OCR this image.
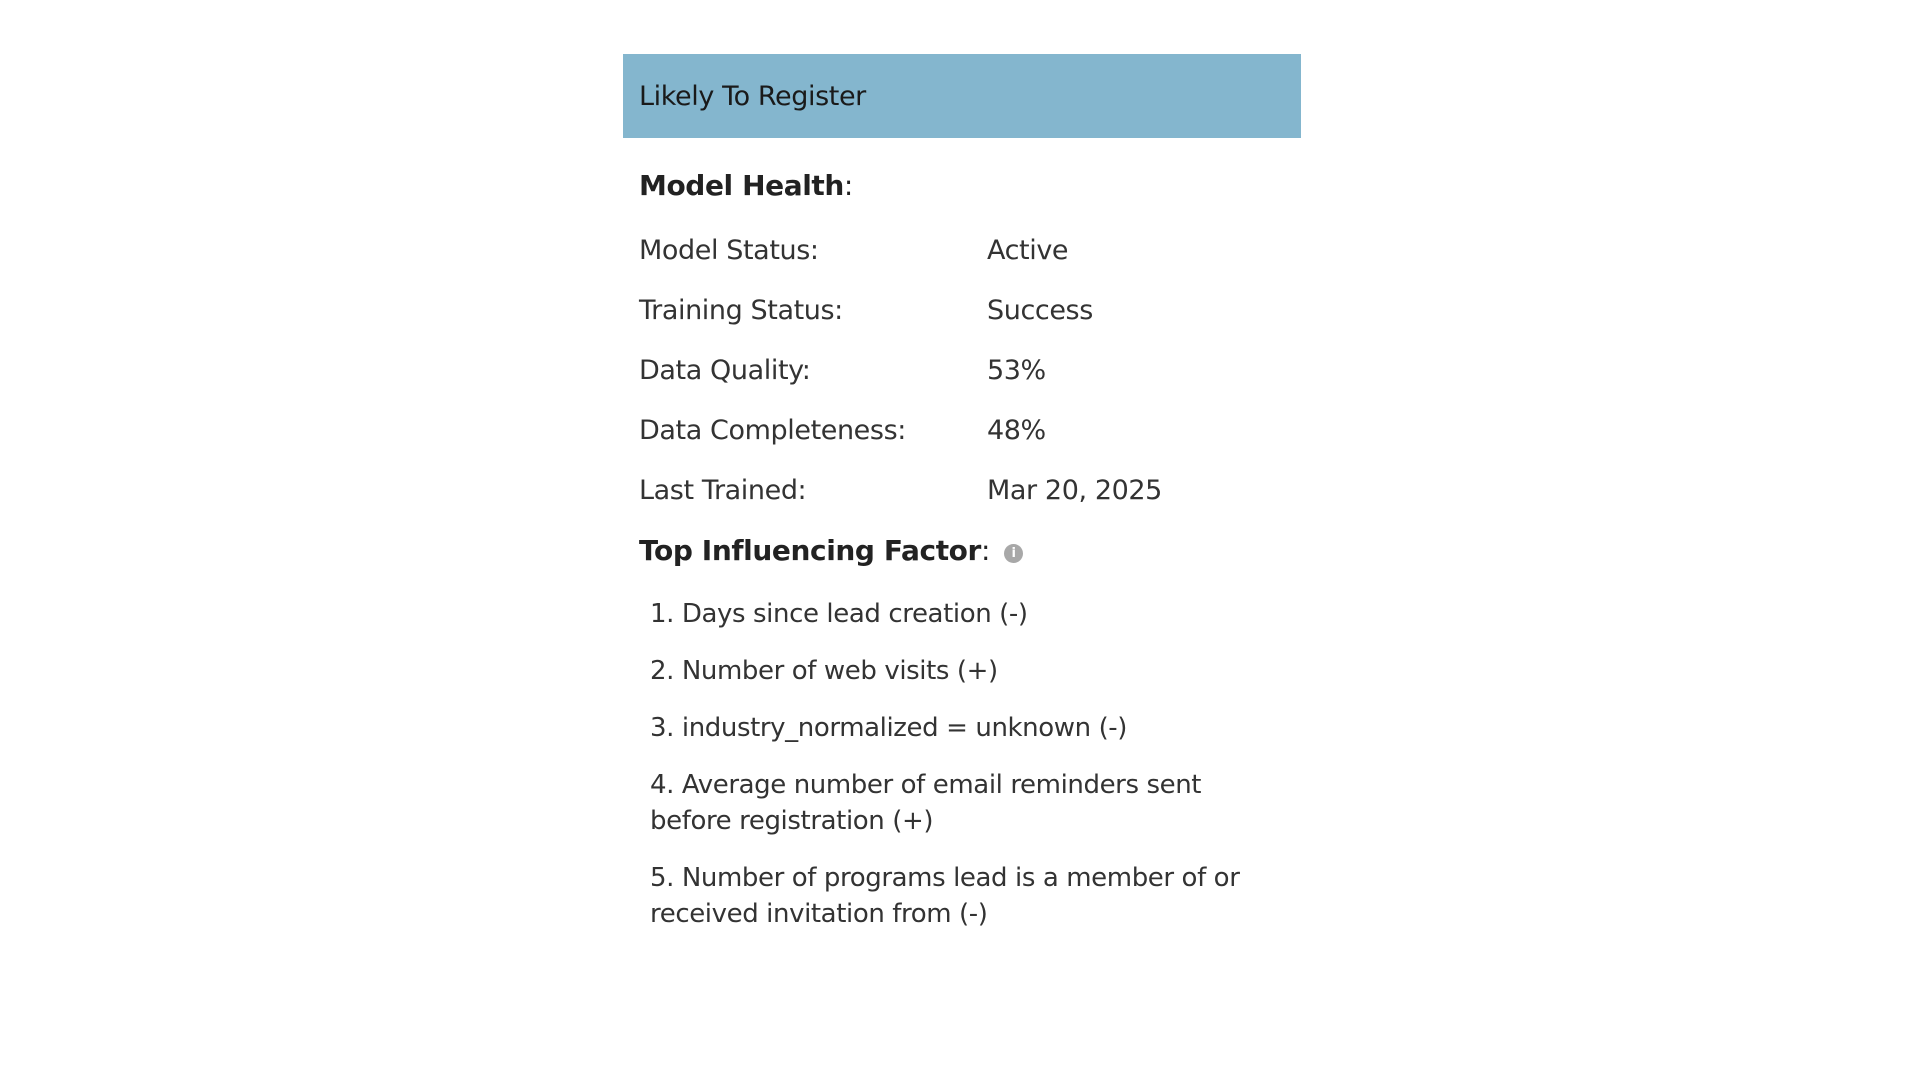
Likely To Register
Model Health :
Model Status:	Active
Training Status:	Success
Data Quality:	53%
Data Completeness:	48%
Last Trained:	Mar 20, 2025
Top Influencing Factor :	i
1. Days since lead creation (-)
2. Number of web visits (+)
3. industry_normalized = unknown (-)
4. Average number of email reminders sent before registration (+)
5. Number of programs lead is a member of or received invitation from (-)
